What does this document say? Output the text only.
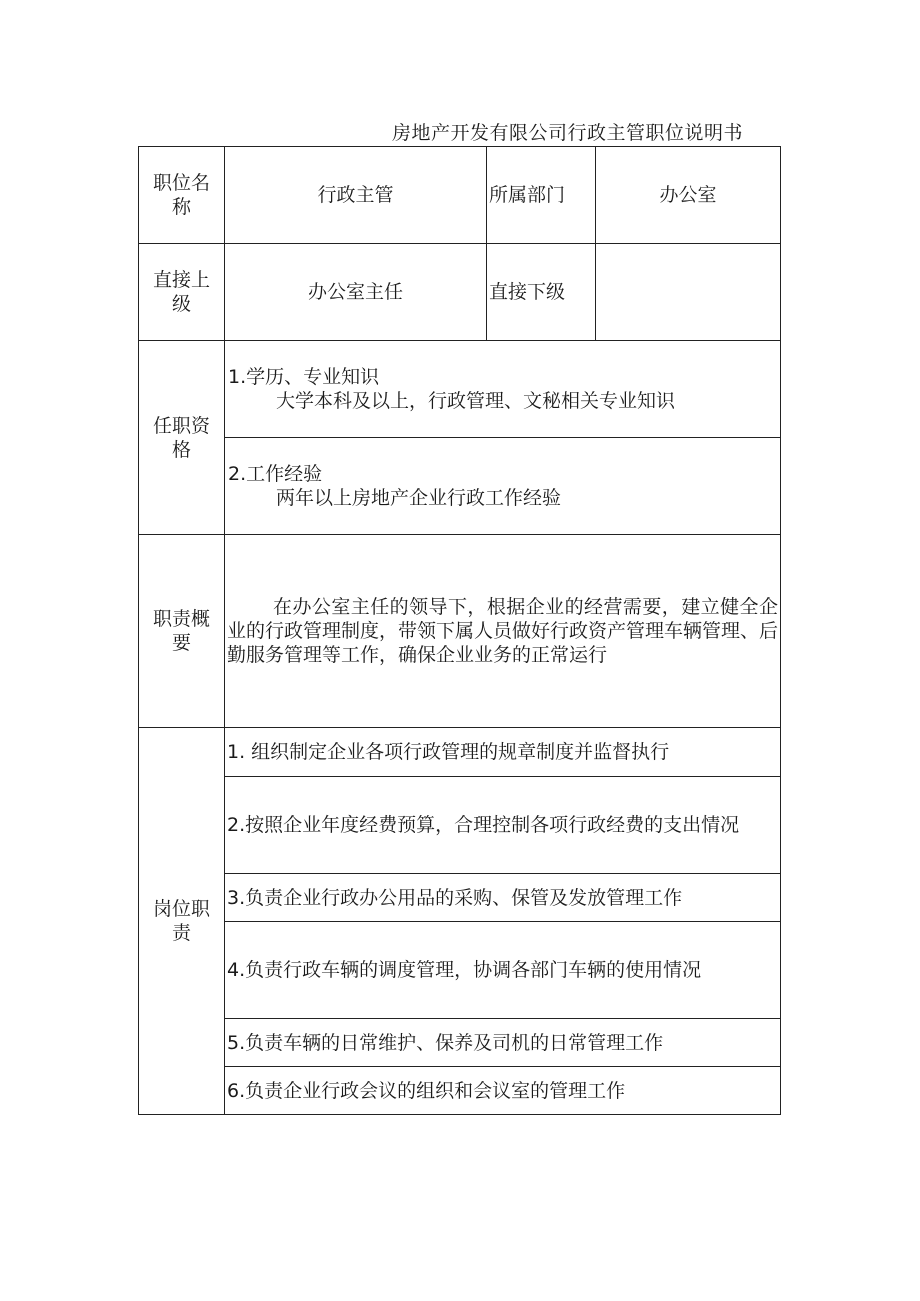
房地产开发有限公司行政主管职位说明书
职位名称	行政主管	所属部门	办公室
直接上级	办公室主任	直接下级	
任职资格	1.学历、专业知识
大学本科及以上，行政管理、文秘相关专业知识		

	2.工作经验
两年以上房地产企业行政工作经验		

职责概要	在办公室主任的领导下，根据企业的经营需要，建立健全企业的行政管理制度，带领下属人员做好行政资产管理车辆管理、后勤服务管理等工作，确保企业业务的正常运行		
岗位职责	1. 组织制定企业各项行政管理的规章制度并监督执行		

	2.按照企业年度经费预算，合理控制各项行政经费的支出情况		

	3.负责企业行政办公用品的采购、保管及发放管理工作		

	4.负责行政车辆的调度管理，协调各部门车辆的使用情况		

	5.负责车辆的日常维护、保养及司机的日常管理工作		

	6.负责企业行政会议的组织和会议室的管理工作		
